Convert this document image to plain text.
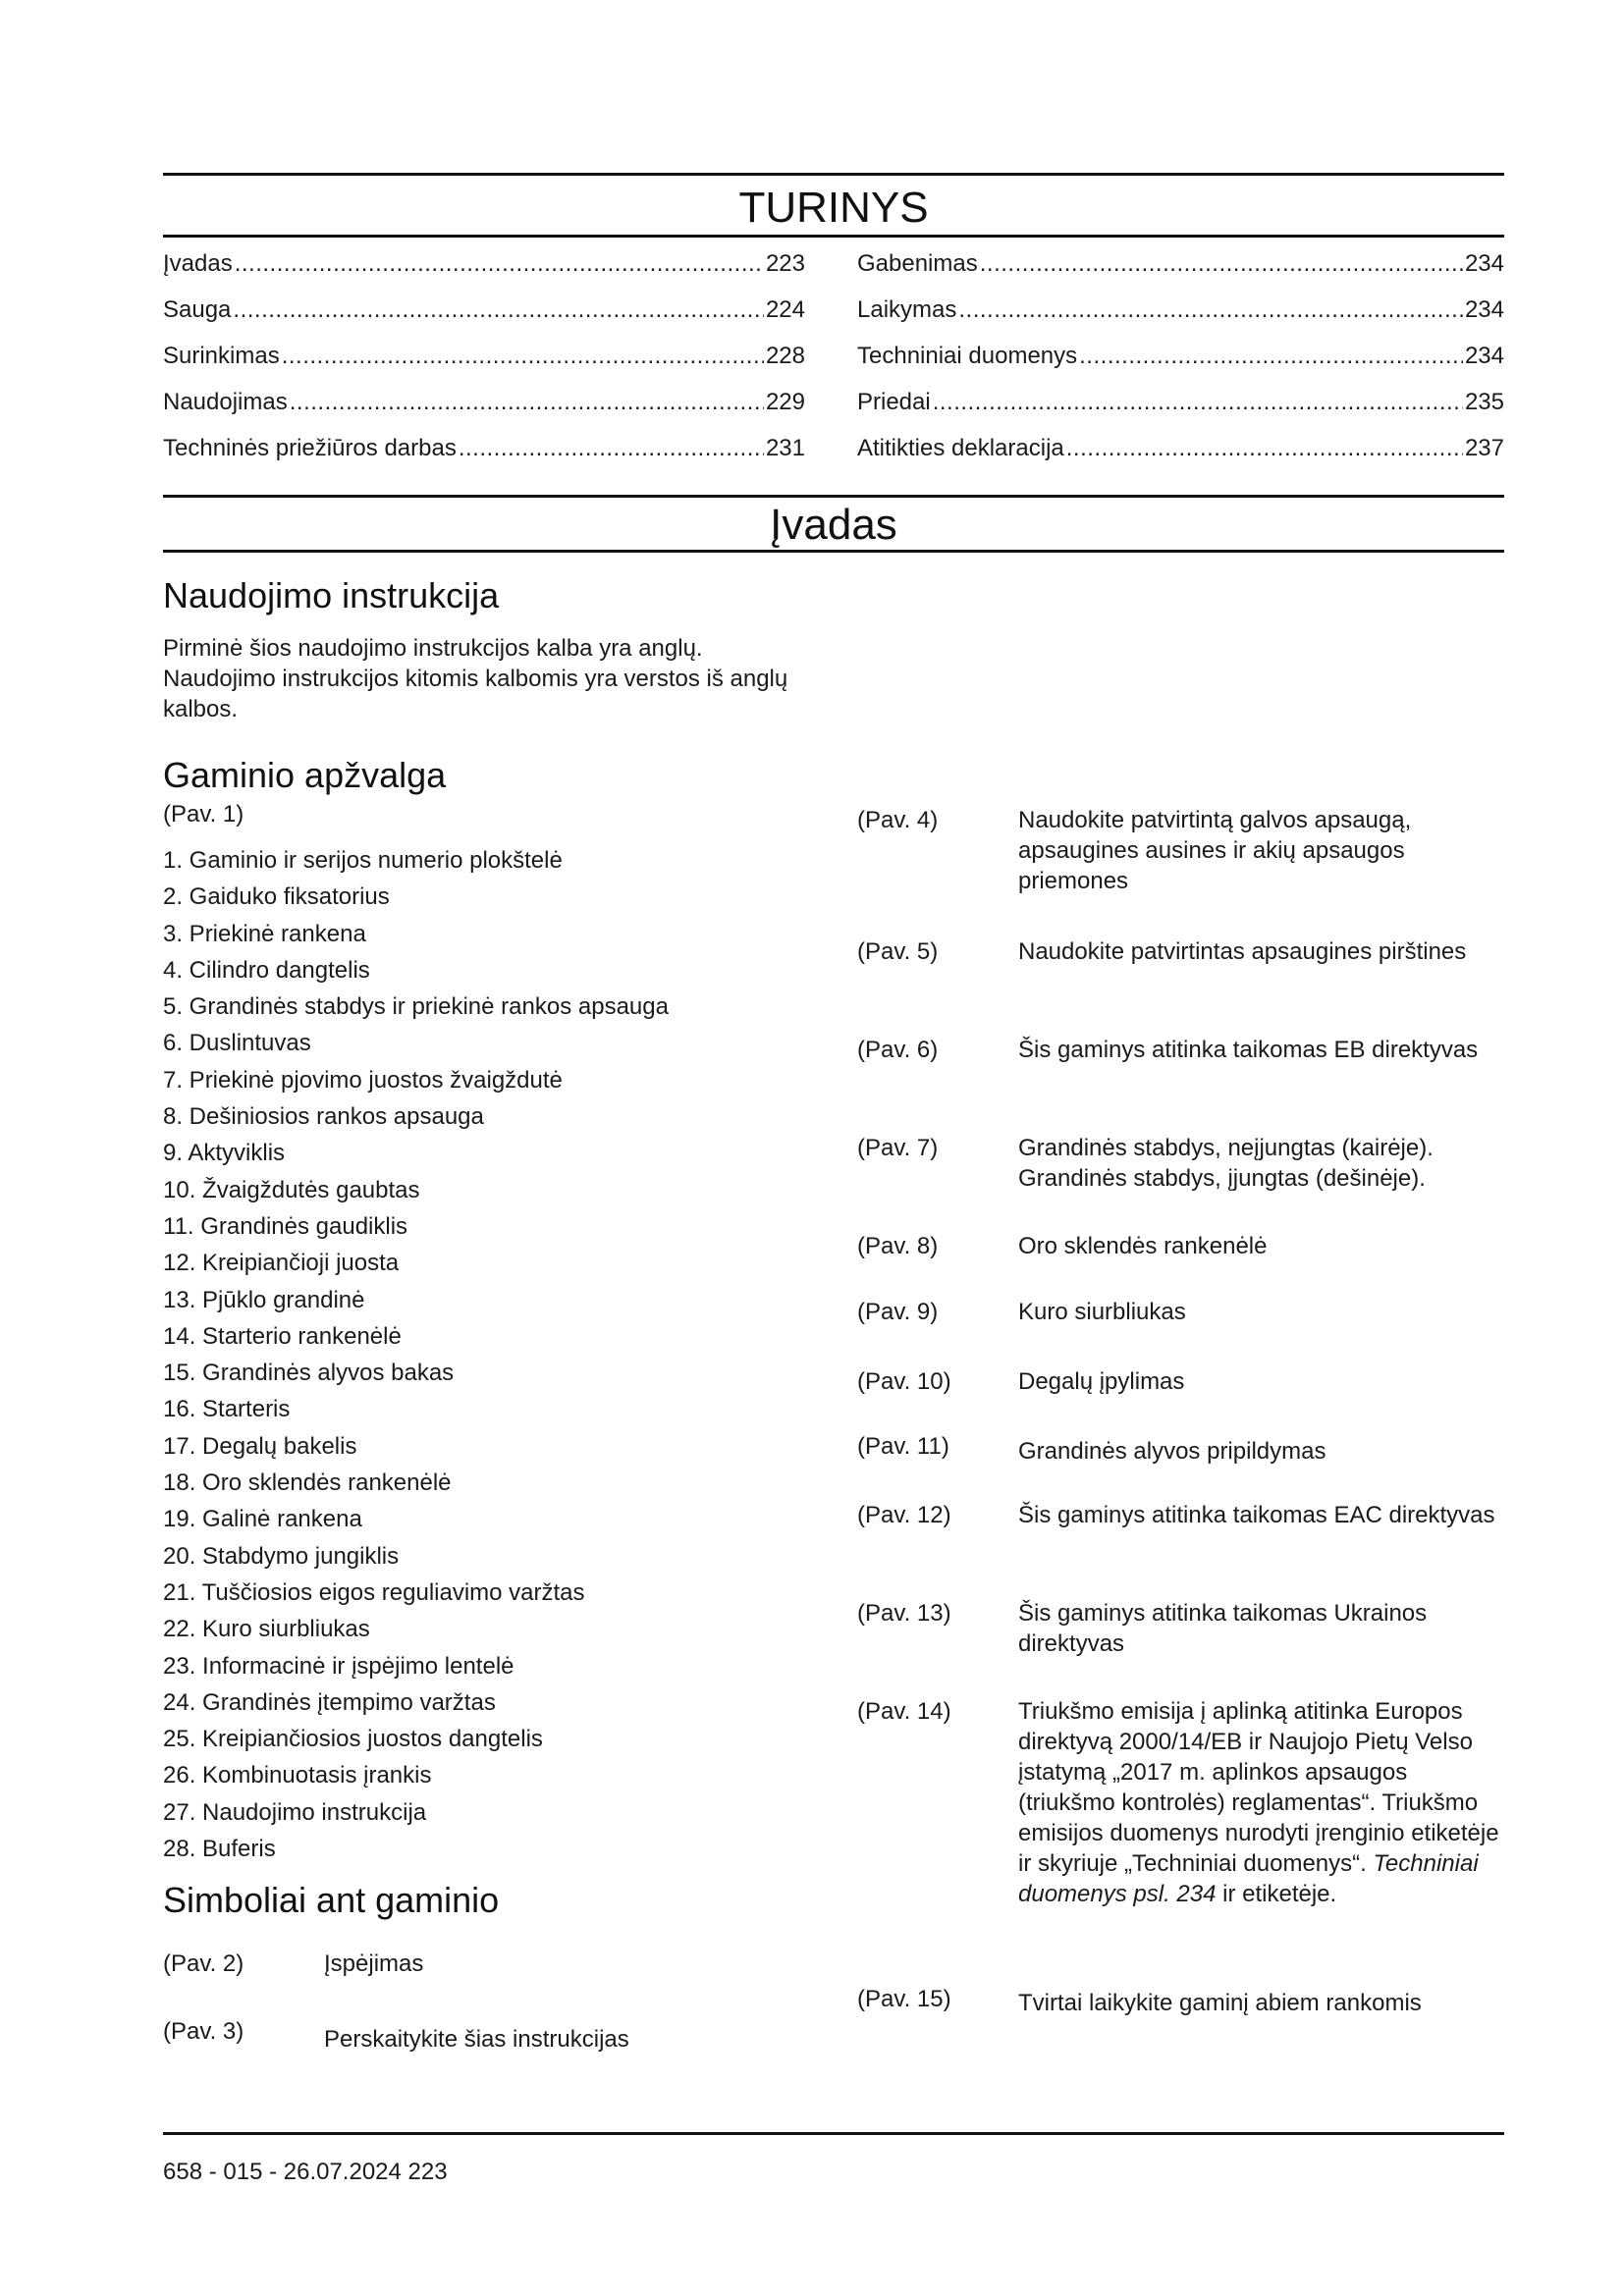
TURINYS
Įvadas .....	223
Sauga .....	224
Surinkimas .....	228
Naudojimas .....	229
Techninės priežiūros darbas .....	231
Gabenimas .....	234
Laikymas .....	234
Techniniai duomenys .....	234
Priedai .....	235
Atitikties deklaracija .....	237
Įvadas
Naudojimo instrukcija
Pirminė šios naudojimo instrukcijos kalba yra anglų. Naudojimo instrukcijos kitomis kalbomis yra verstos iš anglų kalbos.
Gaminio apžvalga
(Pav. 1)
1. Gaminio ir serijos numerio plokštelė
2. Gaiduko fiksatorius
3. Priekinė rankena
4. Cilindro dangtelis
5. Grandinės stabdys ir priekinė rankos apsauga
6. Duslintuvas
7. Priekinė pjovimo juostos žvaigždutė
8. Dešiniosios rankos apsauga
9. Aktyviklis
10. Žvaigždutės gaubtas
11. Grandinės gaudiklis
12. Kreipiančioji juosta
13. Pjūklo grandinė
14. Starterio rankenėlė
15. Grandinės alyvos bakas
16. Starteris
17. Degalų bakelis
18. Oro sklendės rankenėlė
19. Galinė rankena
20. Stabdymo jungiklis
21. Tuščiosios eigos reguliavimo varžtas
22. Kuro siurbliukas
23. Informacinė ir įspėjimo lentelė
24. Grandinės įtempimo varžtas
25. Kreipiančiosios juostos dangtelis
26. Kombinuotasis įrankis
27. Naudojimo instrukcija
28. Buferis
Simboliai ant gaminio
(Pav. 2)	Įspėjimas
(Pav. 3)	Perskaitykite šias instrukcijas
(Pav. 4)	Naudokite patvirtintą galvos apsaugą, apsaugines ausines ir akių apsaugos priemones
(Pav. 5)	Naudokite patvirtintas apsaugines pirštines
(Pav. 6)	Šis gaminys atitinka taikomas EB direktyvas
(Pav. 7)	Grandinės stabdys, neįjungtas (kairėje). Grandinės stabdys, įjungtas (dešinėje).
(Pav. 8)	Oro sklendės rankenėlė
(Pav. 9)	Kuro siurbliukas
(Pav. 10)	Degalų įpylimas
(Pav. 11)	Grandinės alyvos pripildymas
(Pav. 12)	Šis gaminys atitinka taikomas EAC direktyvas
(Pav. 13)	Šis gaminys atitinka taikomas Ukrainos direktyvas
(Pav. 14)	Triukšmo emisija į aplinką atitinka Europos direktyvą 2000/14/EB ir Naujojo Pietų Velso įstatymą „2017 m. aplinkos apsaugos (triukšmo kontrolės) reglamentas“. Triukšmo emisijos duomenys nurodyti įrenginio etiketėje ir skyriuje „Techniniai duomenys“. Techniniai duomenys psl. 234 ir etiketėje.
(Pav. 15)	Tvirtai laikykite gaminį abiem rankomis
658 - 015 - 26.07.2024 223
